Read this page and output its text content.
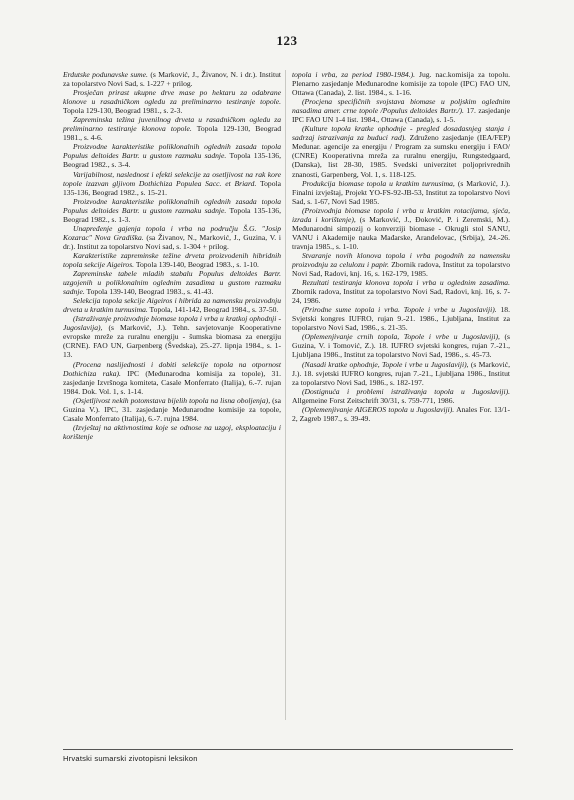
123
Erdutske podunavske sume. (s Marković, J., Živanov, N. i dr.). Institut za topolarstvo Novi Sad, s. 1-227 + prilog.
Prosječan prirast ukupne drve mase po hektaru za odabrane klonove u rasadničkom ogledu za preliminarno testiranje topole. Topola 129-130, Beograd 1981., s. 2-3.
Zapreminska težina juvenilnog drveta u rasadničkom ogledu za preliminarno testiranje klonova topole. Topola 129-130, Beograd 1981., s. 4-6.
Proizvodne karakteristike poliklonalnih oglednih zasada topola Populus deltoides Bartr. u gustom razmaku sadnje. Topola 135-136, Beograd 1982., s. 3-4.
Varijabilnost, naslednost i efekti selekcije za osetljivost na rak kore topole izazvan gljivom Dothichiza Populea Sacc. et Briard. Topola 135-136, Beograd 1982., s. 15-21.
Proizvodne karakteristike poliklonalnih oglednih zasada topola Populus deltoides Bartr. u gustom razmaku sadnje. Topola 135-136, Beograd 1982., s. 1-3.
Unapređenje gajenja topola i vrba na području Š.G. "Josip Kozarac" Nova Gradiška. (sa Živanov, N., Marković, J., Guzina, V. i dr.). Institut za topolarstvo Novi sad, s. 1-304 + prilog.
Karakteristike zapreminske težine drveta proizvodenih hibridnih topola sekcije Aigeiros. Topola 139-140, Beograd 1983., s. 1-10.
Zapreminske tabele mladih stabalu Populus deltoides Bartr. uzgojenih u poliklonalnim oglednim zasadima u gustom razmaku sadnje. Topola 139-140, Beograd 1983., s. 41-43.
Selekcija topola sekcije Aigeiros i hibrida za namensku proizvodnju drveta u kratkim turnusima. Topola, 141-142, Beograd 1984., s. 37-50.
(Istraživanje proizvodnje biomase topola i vrba u kratkoj ophodnji - Jugoslavija), (s Marković, J.). Tehn. savjetovanje Kooperativne evropske mreže za ruralnu energiju - šumska biomasa za energiju (CRNE). FAO UN, Garpenberg (Švedska), 25.-27. lipnja 1984., s. 1-13.
(Procena naslijednosti i dobiti selekcije topola na otpornost Dothichiza raka). IPC (Međunarodna komisija za topole), 31. zasjedanje Izvršnoga komiteta, Casale Monferrato (Italija), 6.-7. rujan 1984. Dok. Vol. 1, s. 1-14.
(Osjetljivost nekih potomstava bijelih topola na lisna oboljenja), (sa Guzina V.). IPC, 31. zasjedanje Međunarodne komisije za topole, Casale Monferrato (Italija), 6.-7. rujna 1984.
(Izvještaj na aktivnostima koje se odnose na uzgoj, eksploataciju i korištenje
topola i vrba, za period 1980-1984.). Jug. nac.komisija za topolu. Plenarno zasjedanje Međunarodne komisije za topole (IPC) FAO UN, Ottawa (Canada), 2. list. 1984., s. 1-16.
(Procjena specifičnih svojstava biomase u poljskim oglednim nasadima amer. crne topole /Populus deltoides Bartr./). 17. zasjedanje IPC FAO UN 1-4 list. 1984., Ottawa (Canada), s. 1-5.
(Kulture topola kratke ophodnje - pregled dosadasnjeg stanja i sadrzaj istrazivanja za buduci rad). Združeno zasjedanje (IEA/FEP) Međunar. agencije za energiju / Program za sumsku energiju i FAO/ (CNRE) Kooperativna mreža za ruralnu energiju, Rungstedgaard, (Danska), list 28-30, 1985. Svedski univerzitet poljoprivrednih znanosti, Garpenberg, Vol. 1, s. 118-125.
Produkcija biomase topola u kratkim turnusima, (s Marković, J.). Finalni izvještaj, Projekt YO-FS-92-JB-53, Institut za topolarstvo Novi Sad, s. 1-67, Novi Sad 1985.
(Proizvodnja biomase topola i vrba u kratkim rotacijama, sjeća, izrada i korištenje), (s Marković, J., Đoković, P. i Zeremski, M.). Međunarodni simpozij o konverziji biomase - Okrugli stol SANU, VANU i Akademije nauka Mađarske, Aranđelovac, (Srbija), 24.-26. travnja 1985., s. 1-10.
Stvaranje novih klonova topola i vrba pogodnih za namensku proizvodnju za celulozu i papir. Zbornik radova, Institut za topolarstvo Novi Sad, Radovi, knj. 16, s. 162-179, 1985.
Rezultati testiranja klonova topola i vrba u oglednim zasadima. Zbornik radova, Institut za topolarstvo Novi Sad, Radovi, knj. 16, s. 7-24, 1986.
(Prirodne sume topola i vrba. Topole i vrbe u Jugoslaviji). 18. Svjetski kongres IUFRO, rujan 9.-21. 1986., Ljubljana, Institut za topolarstvo Novi Sad, 1986., s. 21-35.
(Oplemenjivanje crnih topola, Topole i vrbe u Jugoslaviji), (s Guzina, V. i Tomović, Z.). 18. IUFRO svjetski kongres, rujan 7.-21., Ljubljana 1986., Institut za topolarstvo Novi Sad, 1986., s. 45-73.
(Nasadi kratke ophodnje, Topole i vrbe u Jugoslaviji), (s Marković, J.). 18. svjetski IUFRO kongres, rujan 7.-21., Ljubljana 1986., Institut za topolarstvo Novi Sad, 1986., s. 182-197.
(Dostignuća i problemi istraživanja topola u Jugoslaviji). Allgemeine Forst Zeitschrift 30/31, s. 759-771, 1986.
(Oplemenjivanje AIGEROS topola u Jugoslaviji). Anales For. 13/1-2, Zagreb 1987., s. 39-49.
Hrvatski sumarski zivotopisni leksikon
